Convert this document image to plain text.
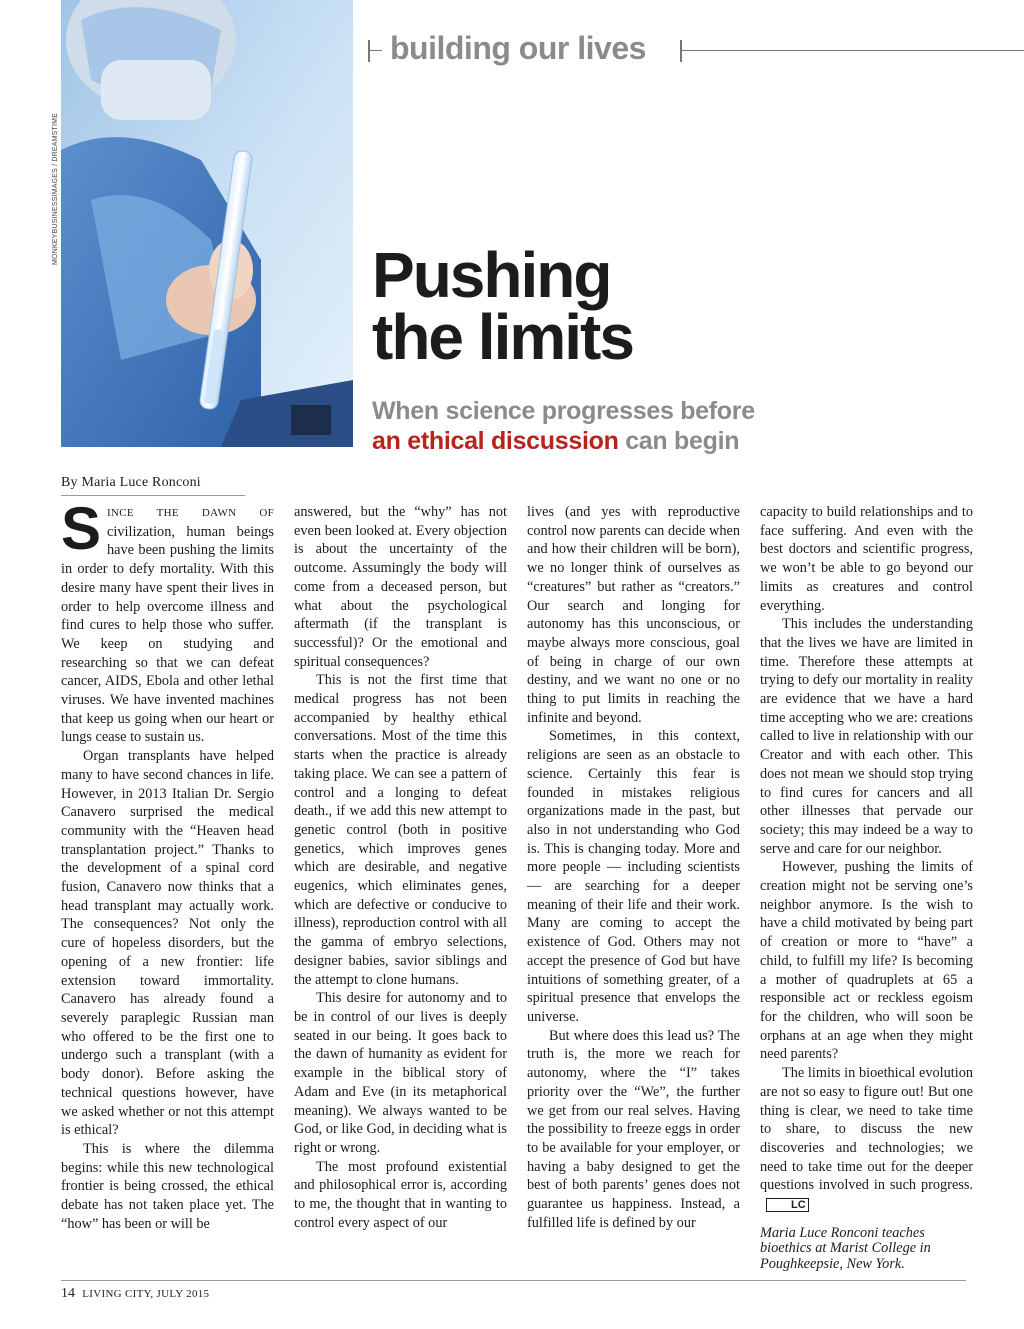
MONKEYBUSINESSIMAGES / DREAMSTIME
building our lives
Pushing
the limits
When science progresses before
an ethical discussion can begin
By Maria Luce Ronconi

SINCE THE DAWN OF civilization, human beings have been pushing the limits in order to defy mortality. With this desire many have spent their lives in order to help overcome illness and find cures to help those who suffer. We keep on studying and researching so that we can defeat cancer, AIDS, Ebola and other lethal viruses. We have invented machines that keep us going when our heart or lungs cease to sustain us.

Organ transplants have helped many to have second chances in life. However, in 2013 Italian Dr. Sergio Canavero surprised the medical community with the “Heaven head transplantation project.” Thanks to the development of a spinal cord fusion, Canavero now thinks that a head transplant may actually work. The consequences? Not only the cure of hopeless disorders, but the opening of a new frontier: life extension toward immortality. Canavero has already found a severely paraplegic Russian man who offered to be the first one to undergo such a transplant (with a body donor). Before asking the technical questions however, have we asked whether or not this attempt is ethical?

This is where the dilemma begins: while this new technological frontier is being crossed, the ethical debate has not taken place yet. The “how” has been or will be

answered, but the “why” has not even been looked at. Every objection is about the uncertainty of the outcome. Assumingly the body will come from a deceased person, but what about the psychological aftermath (if the transplant is successful)? Or the emotional and spiritual consequences?

This is not the first time that medical progress has not been accompanied by healthy ethical conversations. Most of the time this starts when the practice is already taking place. We can see a pattern of control and a longing to defeat death., if we add this new attempt to genetic control (both in positive genetics, which improves genes which are desirable, and negative eugenics, which eliminates genes, which are defective or conducive to illness), reproduction control with all the gamma of embryo selections, designer babies, savior siblings and the attempt to clone humans.

This desire for autonomy and to be in control of our lives is deeply seated in our being. It goes back to the dawn of humanity as evident for example in the biblical story of Adam and Eve (in its metaphorical meaning). We always wanted to be God, or like God, in deciding what is right or wrong.

The most profound existential and philosophical error is, according to me, the thought that in wanting to control every aspect of our

lives (and yes with reproductive control now parents can decide when and how their children will be born), we no longer think of ourselves as “creatures” but rather as “creators.” Our search and longing for autonomy has this unconscious, or maybe always more conscious, goal of being in charge of our own destiny, and we want no one or no thing to put limits in reaching the infinite and beyond.

Sometimes, in this context, religions are seen as an obstacle to science. Certainly this fear is founded in mistakes religious organizations made in the past, but also in not understanding who God is. This is changing today. More and more people — including scientists — are searching for a deeper meaning of their life and their work. Many are coming to accept the existence of God. Others may not accept the presence of God but have intuitions of something greater, of a spiritual presence that envelops the universe.

But where does this lead us? The truth is, the more we reach for autonomy, where the “I” takes priority over the “We”, the further we get from our real selves. Having the possibility to freeze eggs in order to be available for your employer, or having a baby designed to get the best of both parents’ genes does not guarantee us happiness. Instead, a fulfilled life is defined by our

capacity to build relationships and to face suffering. And even with the best doctors and scientific progress, we won’t be able to go beyond our limits as creatures and control everything.

This includes the understanding that the lives we have are limited in time. Therefore these attempts at trying to defy our mortality in reality are evidence that we have a hard time accepting who we are: creations called to live in relationship with our Creator and with each other. This does not mean we should stop trying to find cures for cancers and all other illnesses that pervade our society; this may indeed be a way to serve and care for our neighbor.

However, pushing the limits of creation might not be serving one’s neighbor anymore. Is the wish to have a child motivated by being part of creation or more to “have” a child, to fulfill my life? Is becoming a mother of quadruplets at 65 a responsible act or reckless egoism for the children, who will soon be orphans at an age when they might need parents?

The limits in bioethical evolution are not so easy to figure out! But one thing is clear, we need to take time to share, to discuss the new discoveries and technologies; we need to take time out for the deeper questions involved in such progress.LC

Maria Luce Ronconi teaches bioethics at Marist College in Poughkeepsie, New York.

14 LIVING CITY, JULY 2015
